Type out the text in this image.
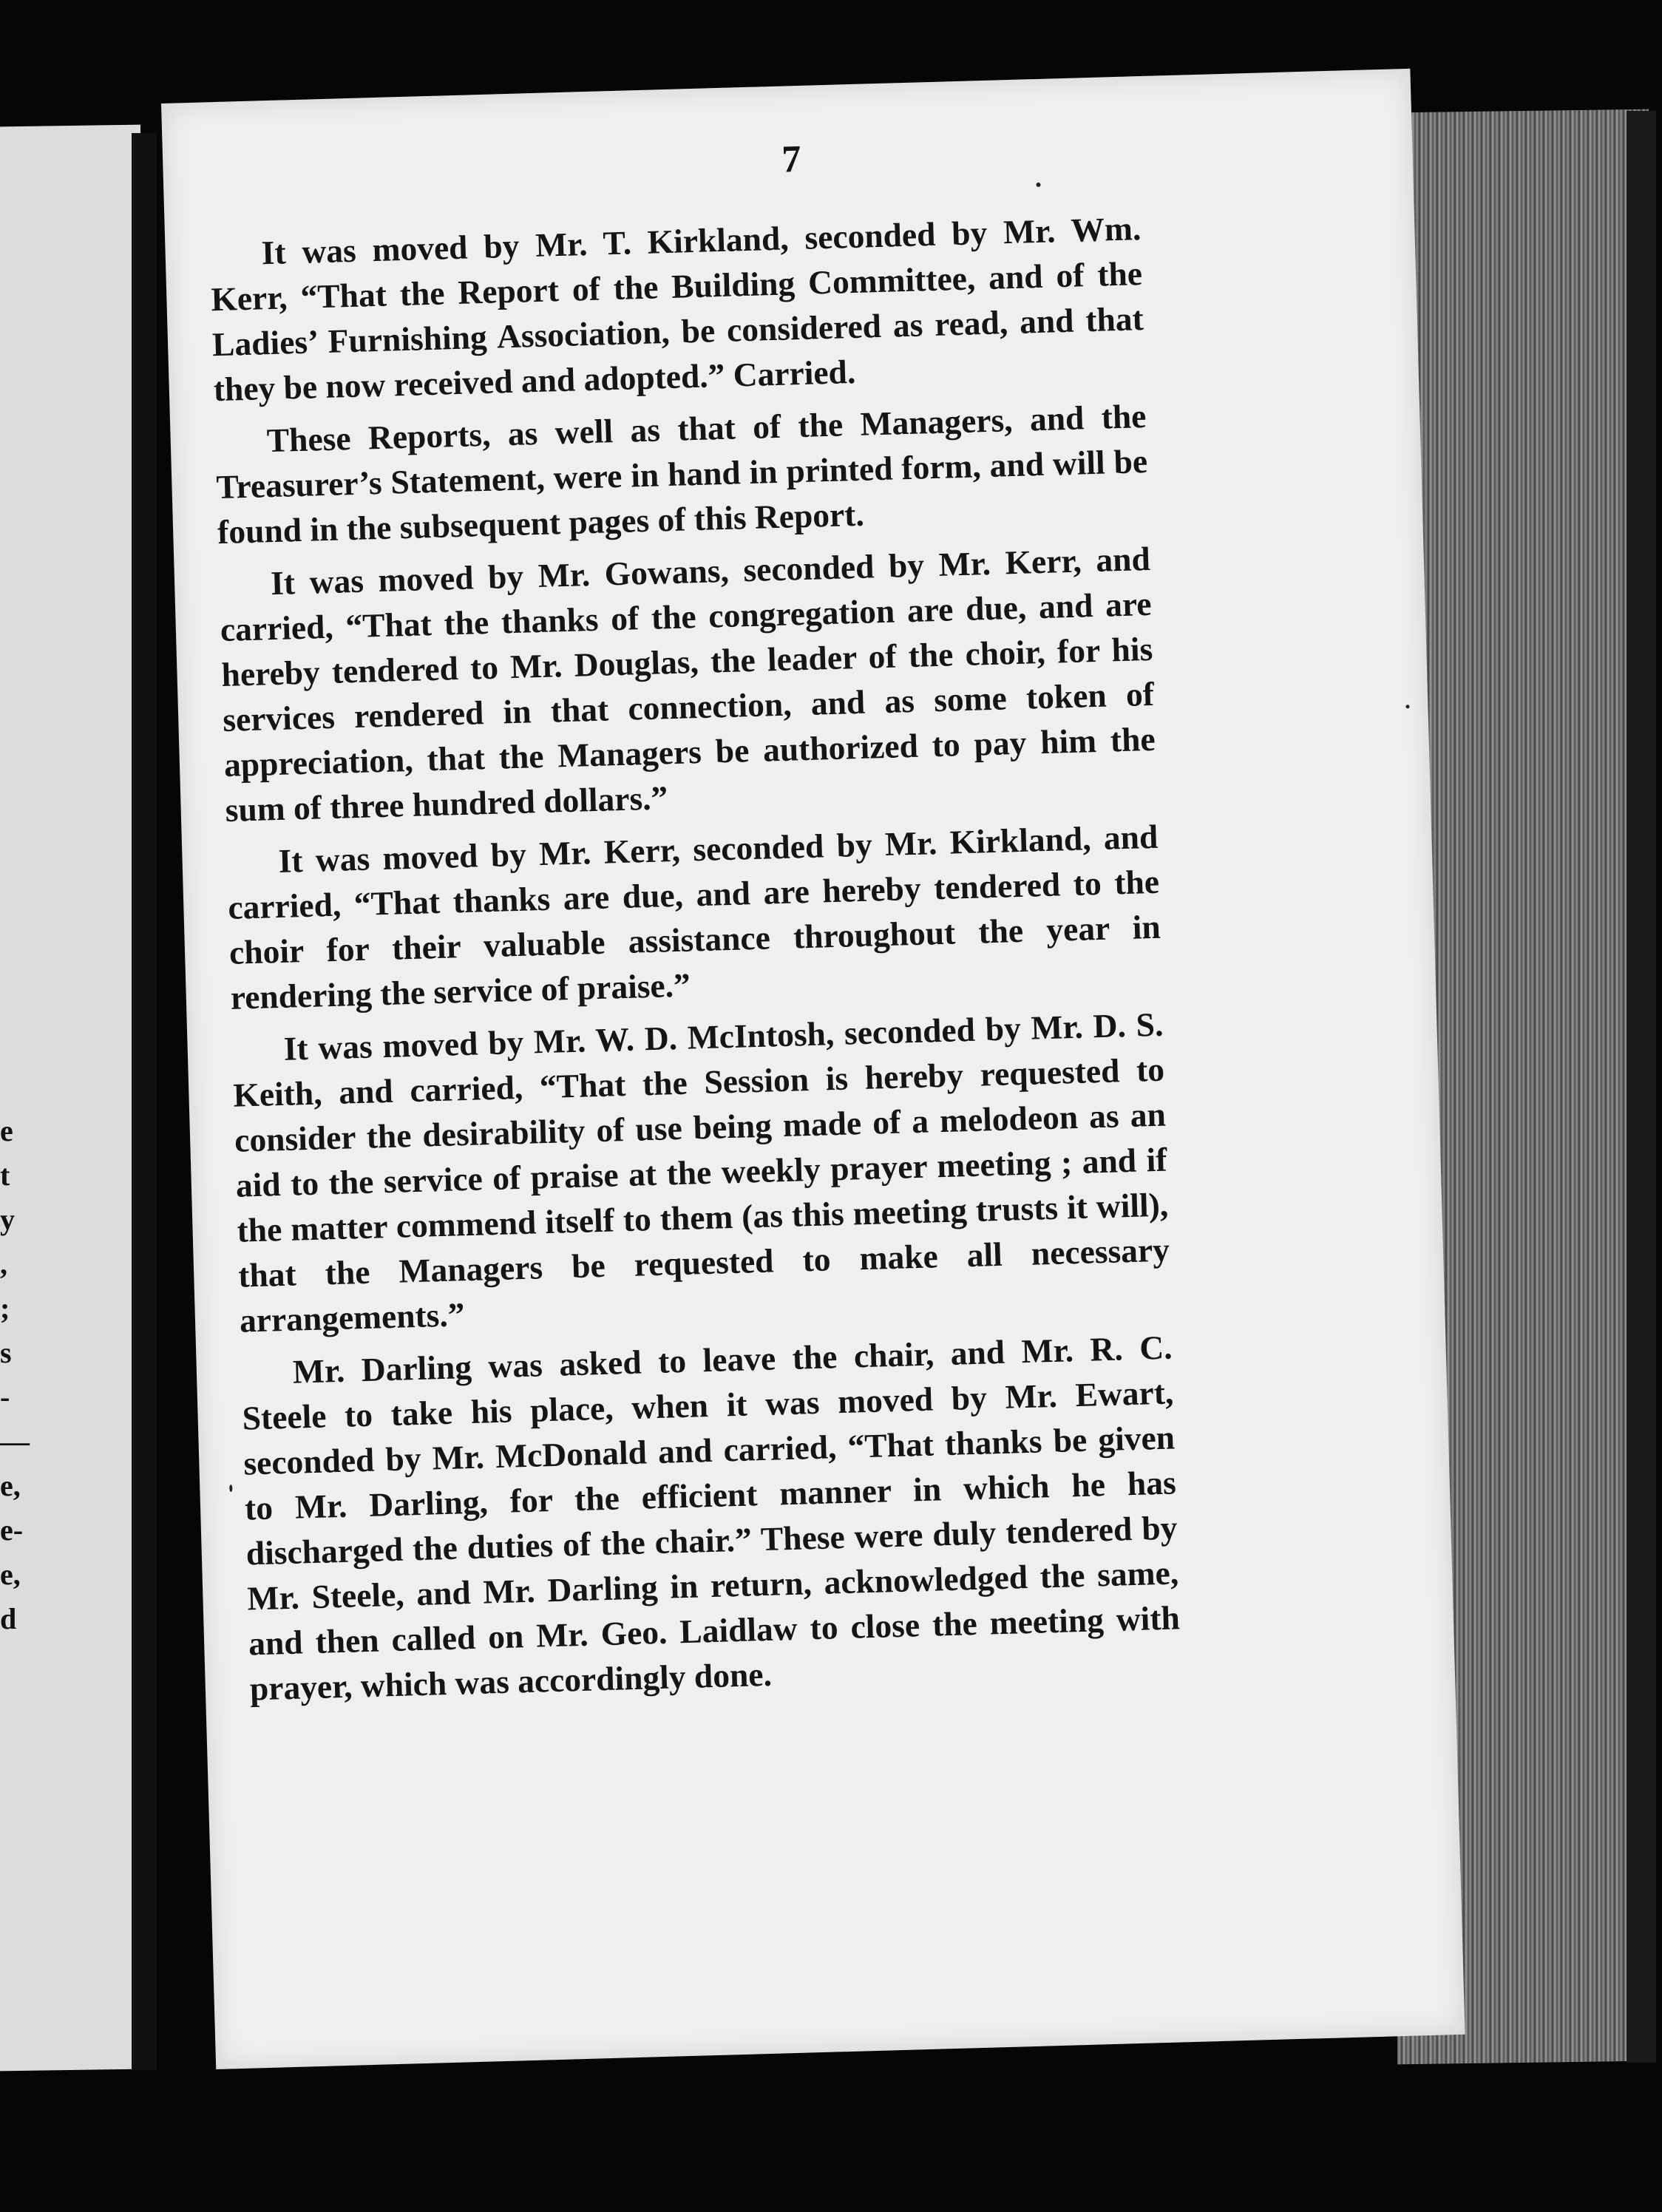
e
t
y
,
;
s
-
—
e,
e-
e,
d
7

It was moved by Mr. T. Kirkland, seconded by Mr. Wm. Kerr, “That the Report of the Building Committee, and of the Ladies’ Furnishing Association, be considered as read, and that they be now received and adopted.” Carried.

These Reports, as well as that of the Managers, and the Treasurer’s Statement, were in hand in printed form, and will be found in the subsequent pages of this Report.

It was moved by Mr. Gowans, seconded by Mr. Kerr, and carried, “That the thanks of the congregation are due, and are hereby tendered to Mr. Douglas, the leader of the choir, for his services rendered in that connection, and as some token of appreciation, that the Managers be authorized to pay him the sum of three hundred dollars.”

It was moved by Mr. Kerr, seconded by Mr. Kirkland, and carried, “That thanks are due, and are hereby tendered to the choir for their valuable assistance throughout the year in rendering the service of praise.”

It was moved by Mr. W. D. McIntosh, seconded by Mr. D. S. Keith, and carried, “That the Session is hereby requested to consider the desirability of use being made of a melodeon as an aid to the service of praise at the weekly prayer meeting ; and if the matter commend itself to them (as this meeting trusts it will), that the Managers be requested to make all necessary arrangements.”

Mr. Darling was asked to leave the chair, and Mr. R. C. Steele to take his place, when it was moved by Mr. Ewart, seconded by Mr. McDonald and carried, “That thanks be given to Mr. Darling, for the efficient manner in which he has discharged the duties of the chair.” These were duly tendered by Mr. Steele, and Mr. Darling in return, acknowledged the same, and then called on Mr. Geo. Laidlaw to close the meeting with prayer, which was accordingly done.
